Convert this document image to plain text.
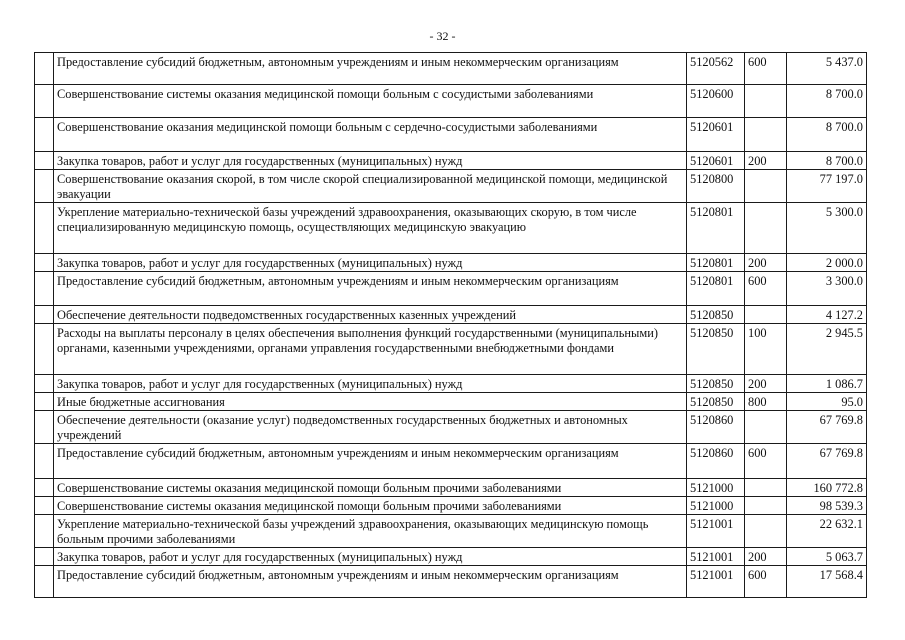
- 32 -
	Предоставление субсидий бюджетным, автономным учреждениям и иным некоммерческим организациям	5120562	600	5 437.0
	Совершенствование системы оказания медицинской помощи больным с сосудистыми заболеваниями	5120600		8 700.0
	Совершенствование оказания медицинской помощи больным с сердечно-сосудистыми заболеваниями	5120601		8 700.0
	Закупка товаров, работ и услуг для государственных (муниципальных) нужд	5120601	200	8 700.0
	Совершенствование оказания скорой, в том числе скорой специализированной медицинской помощи, медицинской эвакуации	5120800		77 197.0
	Укрепление материально-технической базы учреждений здравоохранения, оказывающих скорую, в том числе специализированную медицинскую помощь, осуществляющих медицинскую эвакуацию	5120801		5 300.0
	Закупка товаров, работ и услуг для государственных (муниципальных) нужд	5120801	200	2 000.0
	Предоставление субсидий бюджетным, автономным учреждениям и иным некоммерческим организациям	5120801	600	3 300.0
	Обеспечение деятельности подведомственных государственных казенных учреждений	5120850		4 127.2
	Расходы на выплаты персоналу в целях обеспечения выполнения функций государственными (муниципальными) органами, казенными учреждениями, органами управления государственными внебюджетными фондами	5120850	100	2 945.5
	Закупка товаров, работ и услуг для государственных (муниципальных) нужд	5120850	200	1 086.7
	Иные бюджетные ассигнования	5120850	800	95.0
	Обеспечение деятельности (оказание услуг) подведомственных государственных бюджетных и автономных учреждений	5120860		67 769.8
	Предоставление субсидий бюджетным, автономным учреждениям и иным некоммерческим организациям	5120860	600	67 769.8
	Совершенствование системы оказания медицинской помощи больным прочими заболеваниями	5121000		160 772.8
	Совершенствование системы оказания медицинской помощи больным прочими заболеваниями	5121000		98 539.3
	Укрепление материально-технической базы учреждений здравоохранения, оказывающих медицинскую помощь больным прочими заболеваниями	5121001		22 632.1
	Закупка товаров, работ и услуг для государственных (муниципальных) нужд	5121001	200	5 063.7
	Предоставление субсидий бюджетным, автономным учреждениям и иным некоммерческим организациям	5121001	600	17 568.4
